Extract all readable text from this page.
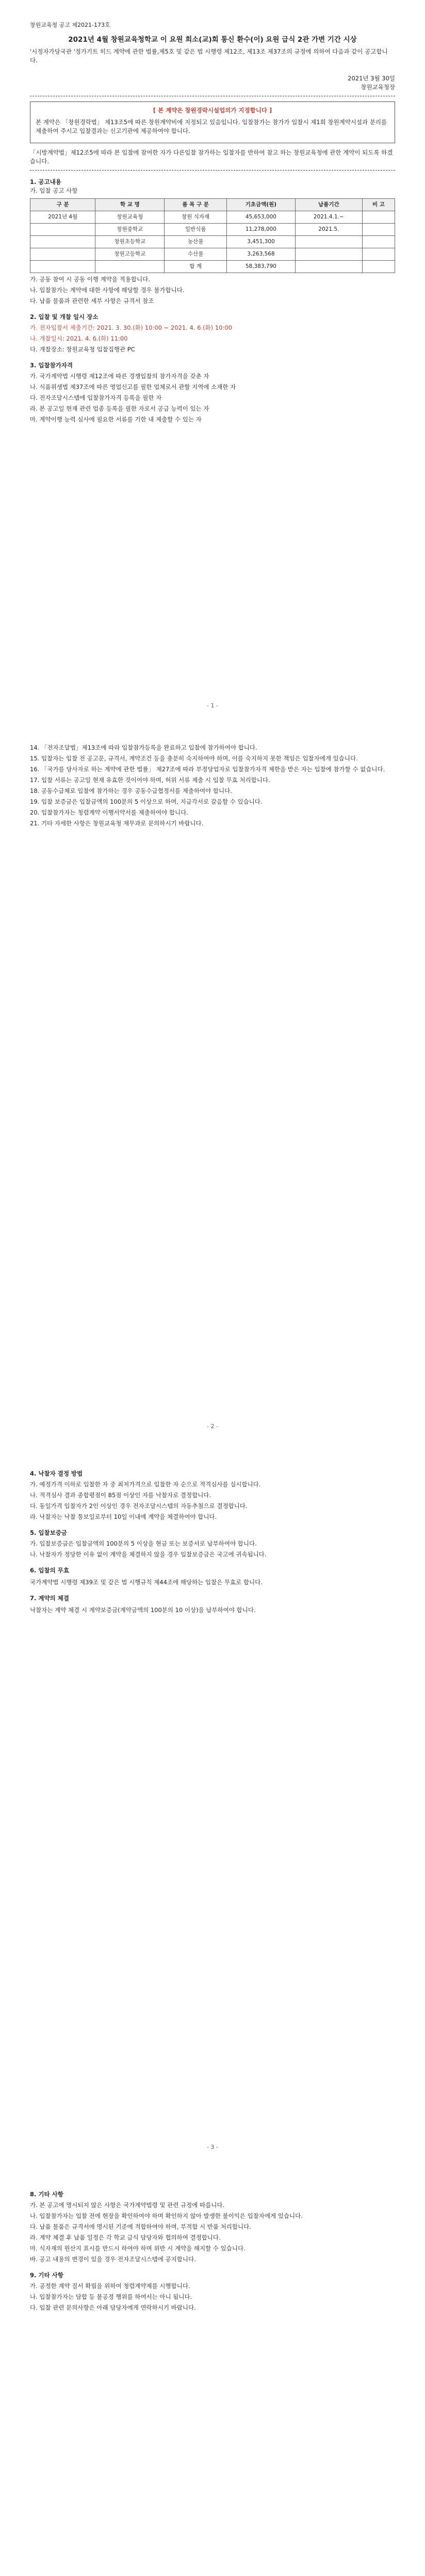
창원교육청 공고 제2021-173호
2021년 4월 창원교육청학교 이 요원 희소(교)회 통신 환수(이) 요원 급식 2관 가변 기간 시상

'시정자가당국관 '정가기트 히드 계약에 관한 법률,제5호 및 같은 법 시행령 제12조, 제13조 제37조의 규정에 의하여 다음과 같이 공고합니다.

2021년 3월 30일
창원교육청장
[ 본 계약은 창원경락시설업의가 지정합니다 ]

본 계약은 「창원경락법」 제13조5에 따른 창원계약비에 지정되고 있음입니다. 입찰참가는 참가가 입찰시 제1회 창원계약시설과 분리를 제출하여 주시고 입찰결과는 신고기관에 제공하여야 합니다.

「시방계약법」제12조5에 따라 본 입찰에 참여한 자가 다른입찰 참가하는 입찰자를 반하여 참고 하는 창원교육청에 관한 계약이 되도록 하겠습니다.

1. 공고내용
가. 입찰 공고 사항
구 분	학 교 명	품 목 구 분	기초금액(원)	납품기간	비 고
2021년 4월	창원교육청	창원 식자재	45,653,000	2021.4.1.~	
	창원중학교	일반식품	11,278,000	2021.5.	
	창원초등학교	농산물	3,451,300		
	창원고등학교	수산물	3,263,568		
		합 계	58,383,790		
가. 공동 참여 시 공동 이행 계약을 적용합니다.
나. 입찰참가는 계약에 대한 사항에 해당할 경우 불가합니다.
다. 납품 물품과 관련한 세부 사항은 규격서 참조
2. 입찰 및 개찰 일시 장소
가. 전자입찰서 제출기간: 2021. 3. 30.(화) 10:00 ~ 2021. 4. 6.(화) 10:00
나. 개찰일시: 2021. 4. 6.(화) 11:00
다. 개찰장소: 창원교육청 입찰집행관 PC
3. 입찰참가자격
가. 국가계약법 시행령 제12조에 따른 경쟁입찰의 참가자격을 갖춘 자
나. 식품위생법 제37조에 따른 영업신고를 필한 업체로서 관할 지역에 소재한 자
다. 전자조달시스템에 입찰참가자격 등록을 필한 자
라. 본 공고일 현재 관련 업종 등록을 필한 자로서 공급 능력이 있는 자
마. 계약이행 능력 심사에 필요한 서류를 기한 내 제출할 수 있는 자
- 1 -
14. 「전자조달법」제13조에 따라 입찰참가등록을 완료하고 입찰에 참가하여야 합니다.
15. 입찰자는 입찰 전 공고문, 규격서, 계약조건 등을 충분히 숙지하여야 하며, 이를 숙지하지 못한 책임은 입찰자에게 있습니다.
16. 「국가를 당사자로 하는 계약에 관한 법률」 제27조에 따라 부정당업자로 입찰참가자격 제한을 받은 자는 입찰에 참가할 수 없습니다.
17. 입찰 서류는 공고일 현재 유효한 것이어야 하며, 허위 서류 제출 시 입찰 무효 처리합니다.
18. 공동수급체로 입찰에 참가하는 경우 공동수급협정서를 제출하여야 합니다.
19. 입찰 보증금은 입찰금액의 100분의 5 이상으로 하며, 지급각서로 갈음할 수 있습니다.
20. 입찰참가자는 청렴계약 이행서약서를 제출하여야 합니다.
21. 기타 자세한 사항은 창원교육청 재무과로 문의하시기 바랍니다.
- 2 -
4. 낙찰자 결정 방법
가. 예정가격 이하로 입찰한 자 중 최저가격으로 입찰한 자 순으로 적격심사를 실시합니다.
나. 적격심사 결과 종합평점이 85점 이상인 자를 낙찰자로 결정합니다.
다. 동일가격 입찰자가 2인 이상인 경우 전자조달시스템의 자동추첨으로 결정합니다.
라. 낙찰자는 낙찰 통보일로부터 10일 이내에 계약을 체결하여야 합니다.
5. 입찰보증금
가. 입찰보증금은 입찰금액의 100분의 5 이상을 현금 또는 보증서로 납부하여야 합니다.
나. 낙찰자가 정당한 이유 없이 계약을 체결하지 않을 경우 입찰보증금은 국고에 귀속됩니다.
6. 입찰의 무효

국가계약법 시행령 제39조 및 같은 법 시행규칙 제44조에 해당하는 입찰은 무효로 합니다.

7. 계약의 체결

낙찰자는 계약 체결 시 계약보증금(계약금액의 100분의 10 이상)을 납부하여야 합니다.

- 3 -
8. 기타 사항
가. 본 공고에 명시되지 않은 사항은 국가계약법령 및 관련 규정에 따릅니다.
나. 입찰참가자는 입찰 전에 현장을 확인하여야 하며 확인하지 않아 발생한 불이익은 입찰자에게 있습니다.
다. 납품 물품은 규격서에 명시된 기준에 적합하여야 하며, 부적합 시 반품 처리합니다.
라. 계약 체결 후 납품 일정은 각 학교 급식 담당자와 협의하여 결정합니다.
마. 식자재의 원산지 표시를 반드시 하여야 하며 위반 시 계약을 해지할 수 있습니다.
바. 공고 내용의 변경이 있을 경우 전자조달시스템에 공지합니다.
9. 기타 사항
가. 공정한 계약 질서 확립을 위하여 청렴계약제를 시행합니다.
나. 입찰참가자는 담합 등 불공정 행위를 하여서는 아니 됩니다.
다. 입찰 관련 문의사항은 아래 담당자에게 연락하시기 바랍니다.
